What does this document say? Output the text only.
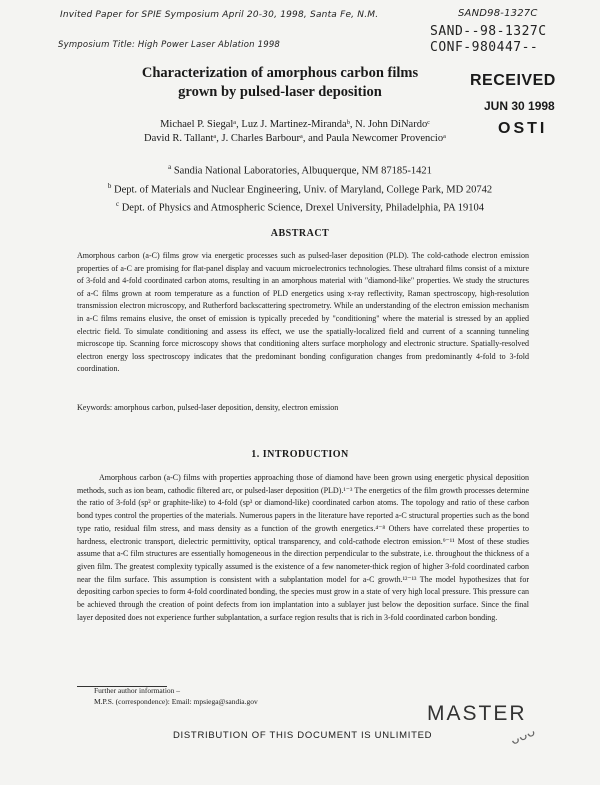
Invited Paper for SPIE Symposium April 20-30, 1998, Santa Fe, N.M.
Symposium Title: High Power Laser Ablation 1998
SAND98-1327C
SAND--98-1327C
CONF-980447--
RECEIVED
JUN 30 1998
OSTI
Characterization of amorphous carbon films
grown by pulsed-laser deposition
Michael P. Siegalᵃ, Luz J. Martinez-Mirandaᵇ, N. John DiNardoᶜ
David R. Tallantᵃ, J. Charles Barbourᵃ, and Paula Newcomer Provencioᵃ
$^a$ Sandia National Laboratories, Albuquerque, NM 87185-1421
$^b$ Dept. of Materials and Nuclear Engineering, Univ. of Maryland, College Park, MD 20742
$^c$ Dept. of Physics and Atmospheric Science, Drexel University, Philadelphia, PA 19104
ABSTRACT
Amorphous carbon (a-C) films grow via energetic processes such as pulsed-laser deposition (PLD). The cold-cathode electron emission properties of a-C are promising for flat-panel display and vacuum microelectronics technologies. These ultrahard films consist of a mixture of 3-fold and 4-fold coordinated carbon atoms, resulting in an amorphous material with "diamond-like" properties. We study the structures of a-C films grown at room temperature as a function of PLD energetics using x-ray reflectivity, Raman spectroscopy, high-resolution transmission electron microscopy, and Rutherford backscattering spectrometry. While an understanding of the electron emission mechanism in a-C films remains elusive, the onset of emission is typically preceded by "conditioning" where the material is stressed by an applied electric field. To simulate conditioning and assess its effect, we use the spatially-localized field and current of a scanning tunneling microscope tip. Scanning force microscopy shows that conditioning alters surface morphology and electronic structure. Spatially-resolved electron energy loss spectroscopy indicates that the predominant bonding configuration changes from predominantly 4-fold to 3-fold coordination.
Keywords: amorphous carbon, pulsed-laser deposition, density, electron emission
1. INTRODUCTION
Amorphous carbon (a-C) films with properties approaching those of diamond have been grown using energetic physical deposition methods, such as ion beam, cathodic filtered arc, or pulsed-laser deposition (PLD).¹⁻³ The energetics of the film growth processes determine the ratio of 3-fold (sp² or graphite-like) to 4-fold (sp³ or diamond-like) coordinated carbon atoms. The topology and ratio of these carbon bond types control the properties of the materials. Numerous papers in the literature have reported a-C structural properties such as the bond type ratio, residual film stress, and mass density as a function of the growth energetics.⁴⁻⁸ Others have correlated these properties to hardness, electronic transport, dielectric permittivity, optical transparency, and cold-cathode electron emission.⁹⁻¹¹ Most of these studies assume that a-C film structures are essentially homogeneous in the direction perpendicular to the substrate, i.e. throughout the thickness of a given film. The greatest complexity typically assumed is the existence of a few nanometer-thick region of higher 3-fold coordinated carbon near the film surface. This assumption is consistent with a subplantation model for a-C growth.¹²⁻¹³ The model hypothesizes that for depositing carbon species to form 4-fold coordinated bonding, the species must grow in a state of very high local pressure. This pressure can be achieved through the creation of point defects from ion implantation into a sublayer just below the deposition surface. Since the final layer deposited does not experience further subplantation, a surface region results that is rich in 3-fold coordinated carbon bonding.
Further author information –
M.P.S. (correspondence): Email: mpsiega@sandia.gov
MASTER
DISTRIBUTION OF THIS DOCUMENT IS UNLIMITED	ᴗᴗᴗ
